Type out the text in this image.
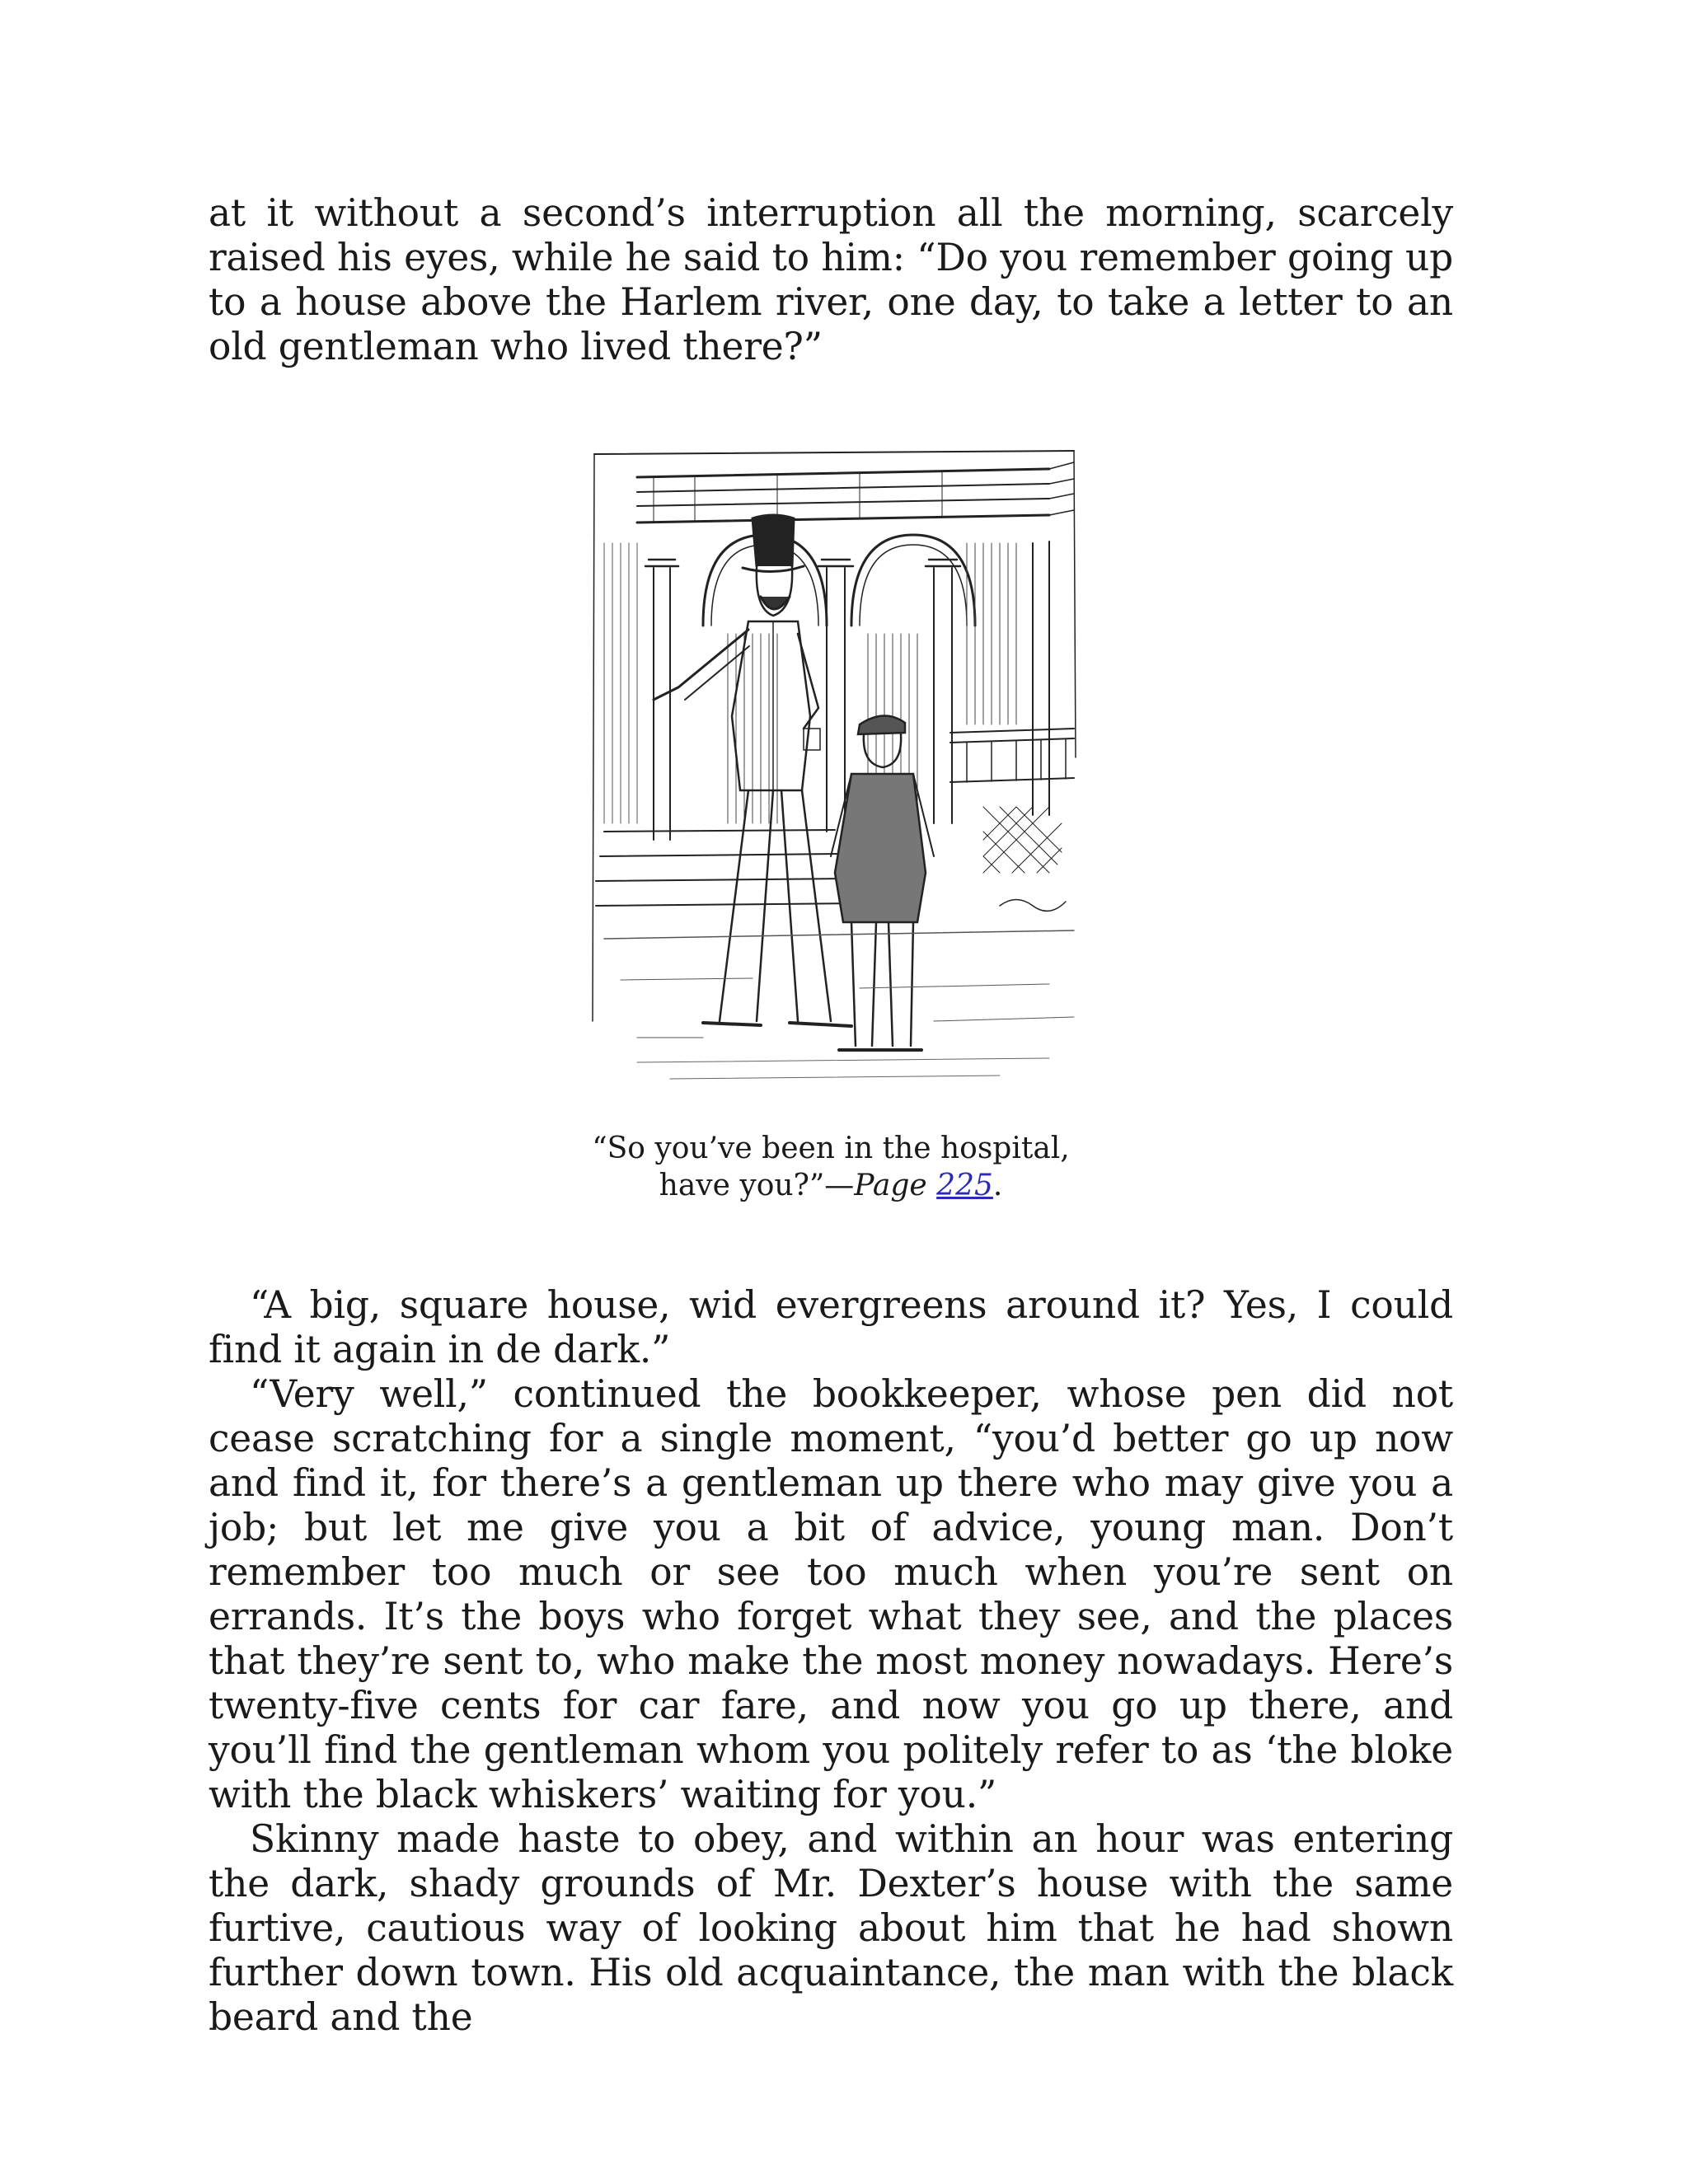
at it without a second’s interruption all the morning, scarcely raised his eyes, while he said to him: “Do you remember going up to a house above the Harlem river, one day, to take a letter to an old gentleman who lived there?”

“So you’ve been in the hospital,
have you?”—Page 225.

“A big, square house, wid evergreens around it? Yes, I could find it again in de dark.”

“Very well,” continued the bookkeeper, whose pen did not cease scratching for a single moment, “you’d better go up now and find it, for there’s a gentleman up there who may give you a job; but let me give you a bit of advice, young man. Don’t remember too much or see too much when you’re sent on errands. It’s the boys who forget what they see, and the places that they’re sent to, who make the most money nowadays. Here’s twenty-five cents for car fare, and now you go up there, and you’ll find the gentleman whom you politely refer to as ‘the bloke with the black whiskers’ waiting for you.”

Skinny made haste to obey, and within an hour was entering the dark, shady grounds of Mr. Dexter’s house with the same furtive, cautious way of looking about him that he had shown further down town. His old acquaintance, the man with the black beard and the
